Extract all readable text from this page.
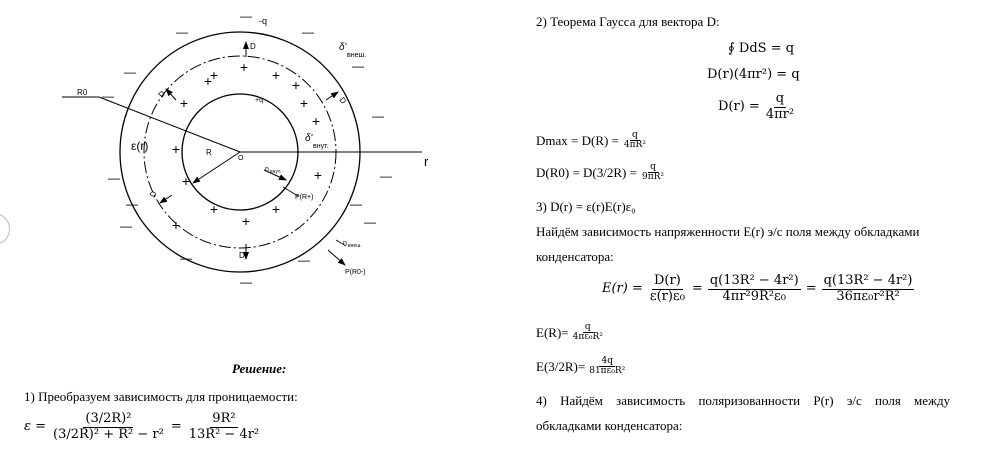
-q
D
D
D
D
D
δ'
внеш.
δ'
внут.
R0
ε(r)
+q
R
O	r
n внут.
P(R+)
n внеш.
P(R0-)
+
+	+
+	+
+
+
+
+
+
+
+
+
+	+
—
—	—
—	—
—
—
—	—
—	—
—
—
—
—	—
Решение:
1) Преобразуем зависимость для проницаемости:
$\varepsilon = \frac{\text{(3/2R)²}}{\text{(3/2R)² + R² − r²}} = \frac{\text{9R²}}{\text{13R² − 4r²}}$
2) Теорема Гаусса для вектора D:
∮ DdS = q
D(r)(4πr²) = q
$D(r) = \frac{q}{\text{4πr²}}$
$Dmax = D(R) = \frac{q}{\text{4πR²}}$
$D(R0) = D(3/2R) = \frac{q}{\text{9πR²}}$
3) D(r) = ε(r)E(r)ε₀
Найдём зависимость напряженности E(r) э/с поля между обкладками
конденсатора:
$E(r) = \frac{D(r)}{\text{ε(r)ε₀}} = \frac{\text{q(13R² − 4r²)}}{\text{4πr²9R²ε₀}} = \frac{\text{q(13R² − 4r²)}}{\text{36πε₀r²R²}}$
$E(R)= \frac{q}{\text{4πε₀R²}}$
$E(3/2R)= \frac{4q}{\text{81πε₀R²}}$
4) Найдём зависимость поляризованности P(r) э/с поля между
обкладками конденсатора:
